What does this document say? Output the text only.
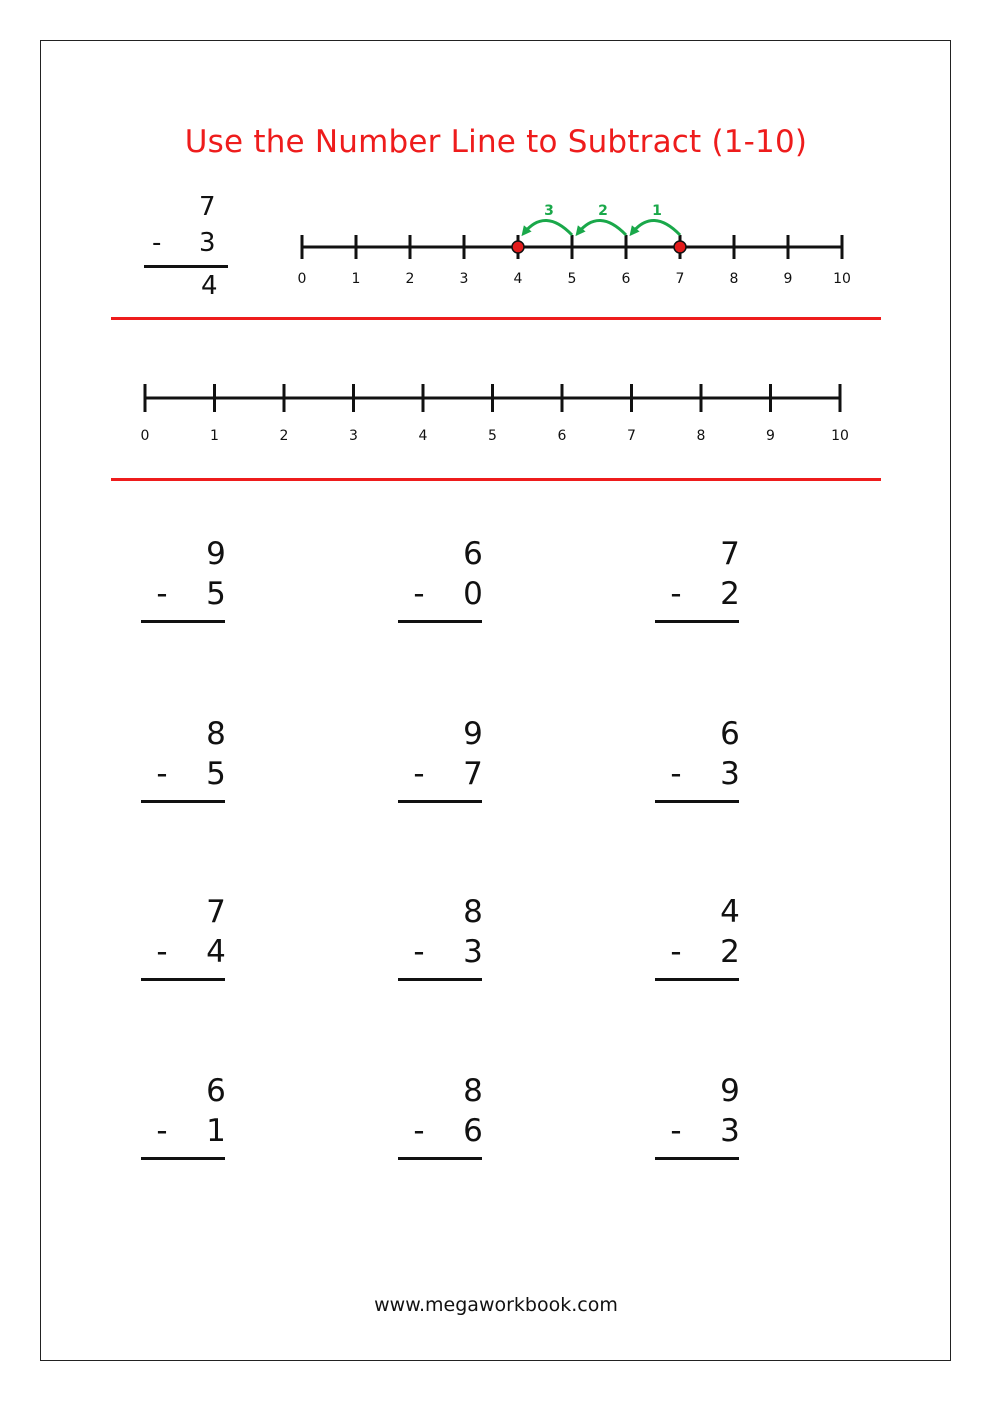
Use the Number Line to Subtract (1-10)
7
- 3
4	0	1	2	3	4	5	6	7	8	9	10
1
2
3
0	1	2	3	4	5	6	7	8	9	10
9
-	5
6
-	0
7
-	2
8
-	5
9
-	7
6
-	3
7
-	4
8
-	3
4
-	2
6
-	1
8
-	6
9
-	3
www.megaworkbook.com
